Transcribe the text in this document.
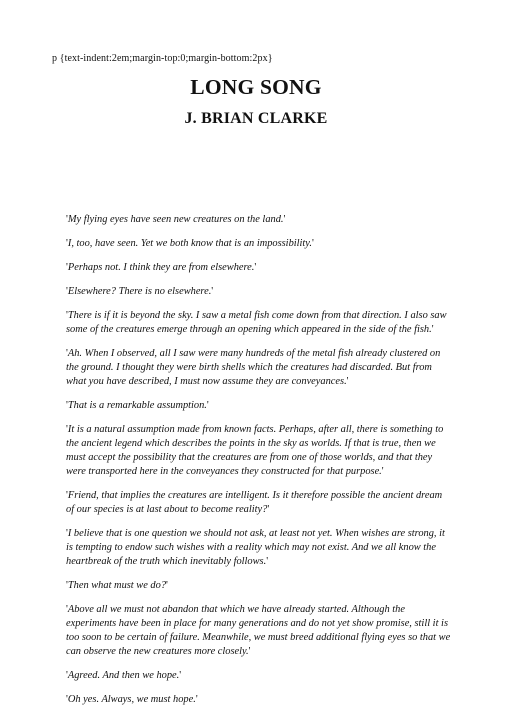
p {text-indent:2em;margin-top:0;margin-bottom:2px}
LONG SONG
J. BRIAN CLARKE

'My flying eyes have seen new creatures on the land.'

'I, too, have seen. Yet we both know that is an impossibility.'

'Perhaps not. I think they are from elsewhere.'

'Elsewhere? There is no elsewhere.'

'There is if it is beyond the sky. I saw a metal fish come down from that direction. I also saw some of the creatures emerge through an opening which appeared in the side of the fish.'

'Ah. When I observed, all I saw were many hundreds of the metal fish already clustered on the ground. I thought they were birth shells which the creatures had discarded. But from what you have described, I must now assume they are conveyances.'

'That is a remarkable assumption.'

'It is a natural assumption made from known facts. Perhaps, after all, there is something to the ancient legend which describes the points in the sky as worlds. If that is true, then we must accept the possibility that the creatures are from one of those worlds, and that they were transported here in the conveyances they constructed for that purpose.'

'Friend, that implies the creatures are intelligent. Is it therefore possible the ancient dream of our species is at last about to become reality?'

'I believe that is one question we should not ask, at least not yet. When wishes are strong, it is tempting to endow such wishes with a reality which may not exist. And we all know the heartbreak of the truth which inevitably follows.'

'Then what must we do?'

'Above all we must not abandon that which we have already started. Although the experiments have been in place for many generations and do not yet show promise, still it is too soon to be certain of failure. Meanwhile, we must breed additional flying eyes so that we can observe the new creatures more closely.'

'Agreed. And then we hope.'

'Oh yes. Always, we must hope.'
